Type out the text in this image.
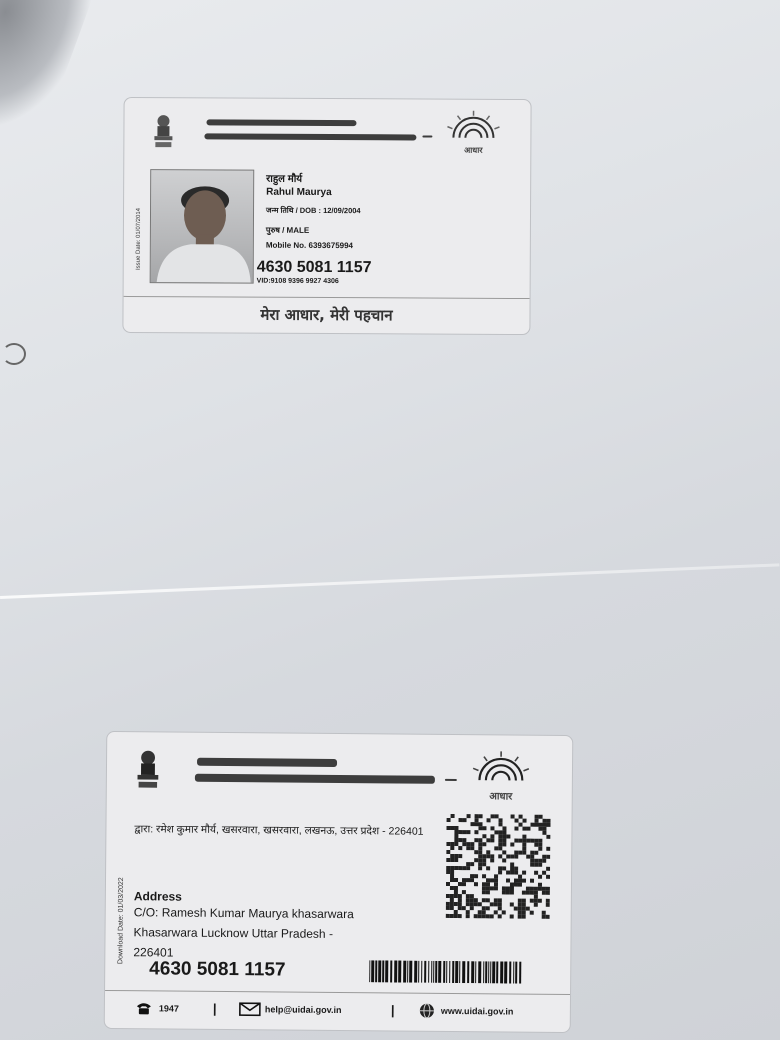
आधार
Issue Date: 01/07/2014
राहुल मौर्य
Rahul Maurya
जन्म तिथि / DOB : 12/09/2004
पुरुष / MALE
Mobile No. 6393675994
4630 5081 1157
VID:9108 9396 9927 4306
मेरा आधार, मेरी पहचान
आधार
Download Date: 01/03/2022
द्वारा: रमेश कुमार मौर्य, खसरवारा, खसरवारा, लखनऊ, उत्तर प्रदेश - 226401
Address
C/O: Ramesh Kumar Maurya khasarwara
Khasarwara Lucknow Uttar Pradesh -
226401
4630 5081 1157
1947	|	help@uidai.gov.in	|	www.uidai.gov.in
